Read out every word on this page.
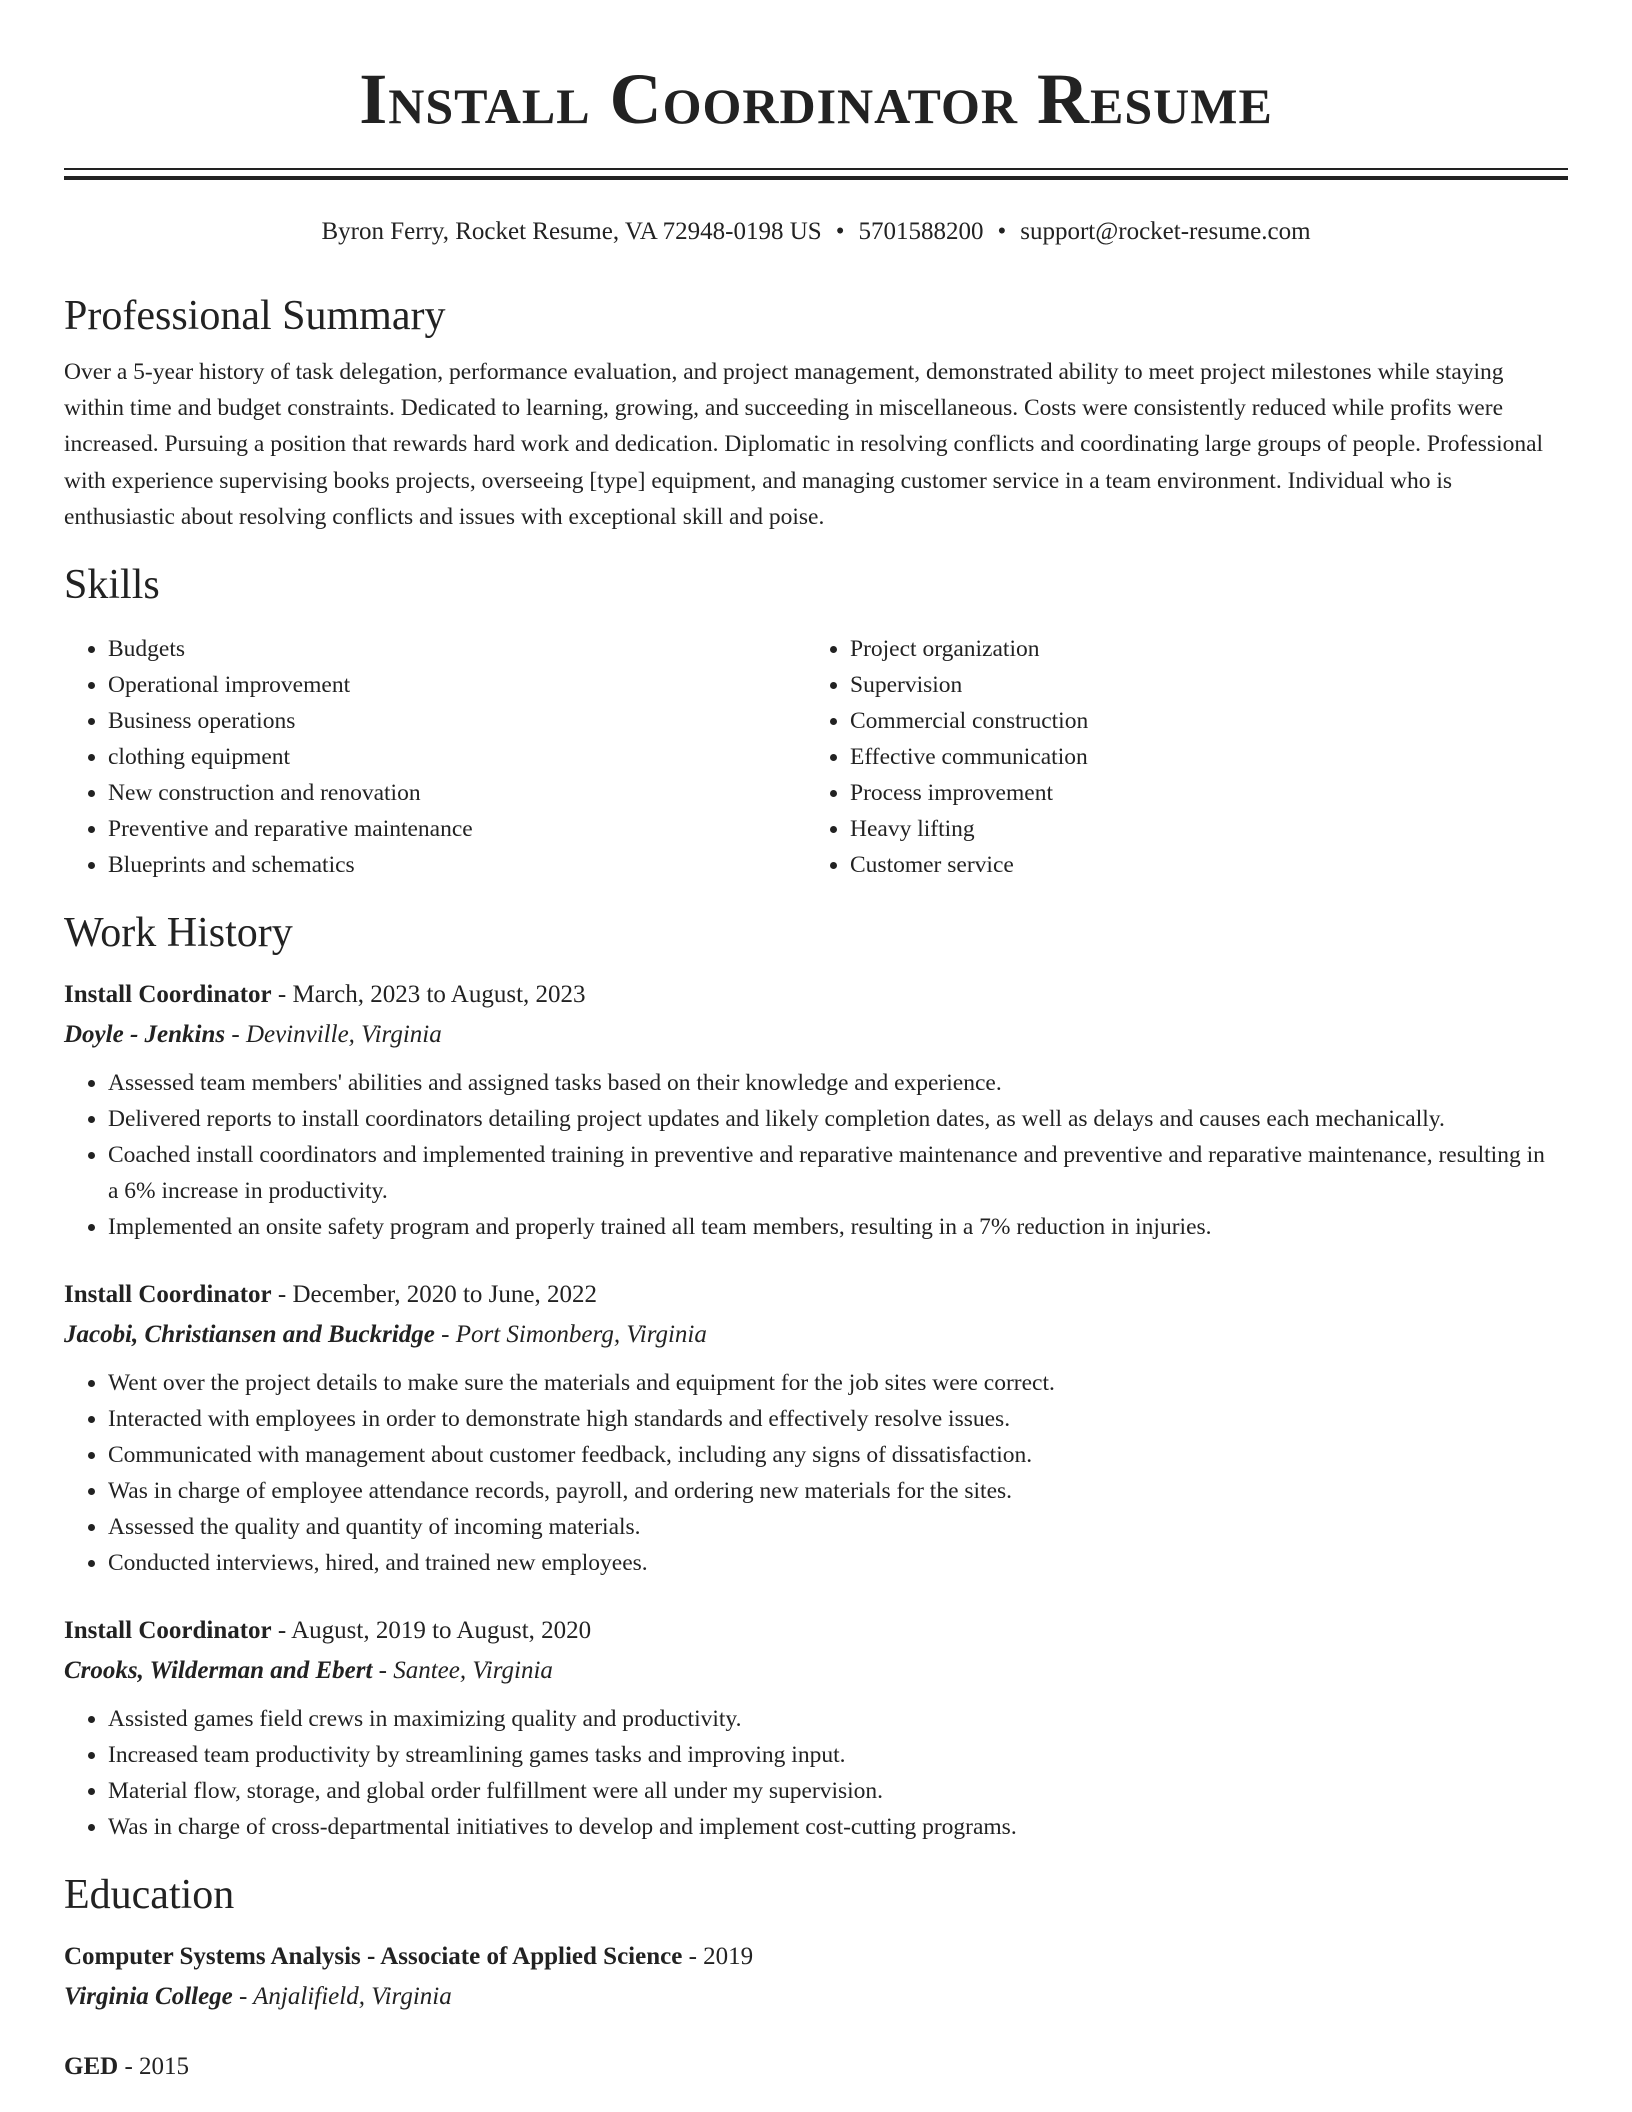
Install Coordinator Resume
Byron Ferry, Rocket Resume, VA 72948-0198 US • 5701588200 • support@rocket-resume.com
Professional Summary
Over a 5-year history of task delegation, performance evaluation, and project management, demonstrated ability to meet project milestones while staying within time and budget constraints. Dedicated to learning, growing, and succeeding in miscellaneous. Costs were consistently reduced while profits were increased. Pursuing a position that rewards hard work and dedication. Diplomatic in resolving conflicts and coordinating large groups of people. Professional with experience supervising books projects, overseeing [type] equipment, and managing customer service in a team environment. Individual who is enthusiastic about resolving conflicts and issues with exceptional skill and poise.
Skills
• Budgets
• Operational improvement
• Business operations
• clothing equipment
• New construction and renovation
• Preventive and reparative maintenance
• Blueprints and schematics
• Project organization
• Supervision
• Commercial construction
• Effective communication
• Process improvement
• Heavy lifting
• Customer service
Work History
Install Coordinator - March, 2023 to August, 2023
Doyle - Jenkins - Devinville, Virginia
• Assessed team members' abilities and assigned tasks based on their knowledge and experience.
• Delivered reports to install coordinators detailing project updates and likely completion dates, as well as delays and causes each mechanically.
• Coached install coordinators and implemented training in preventive and reparative maintenance and preventive and reparative maintenance, resulting in a 6% increase in productivity.
• Implemented an onsite safety program and properly trained all team members, resulting in a 7% reduction in injuries.
Install Coordinator - December, 2020 to June, 2022
Jacobi, Christiansen and Buckridge - Port Simonberg, Virginia
• Went over the project details to make sure the materials and equipment for the job sites were correct.
• Interacted with employees in order to demonstrate high standards and effectively resolve issues.
• Communicated with management about customer feedback, including any signs of dissatisfaction.
• Was in charge of employee attendance records, payroll, and ordering new materials for the sites.
• Assessed the quality and quantity of incoming materials.
• Conducted interviews, hired, and trained new employees.
Install Coordinator - August, 2019 to August, 2020
Crooks, Wilderman and Ebert - Santee, Virginia
• Assisted games field crews in maximizing quality and productivity.
• Increased team productivity by streamlining games tasks and improving input.
• Material flow, storage, and global order fulfillment were all under my supervision.
• Was in charge of cross-departmental initiatives to develop and implement cost-cutting programs.
Education
Computer Systems Analysis - Associate of Applied Science - 2019
Virginia College - Anjalifield, Virginia
GED - 2015
